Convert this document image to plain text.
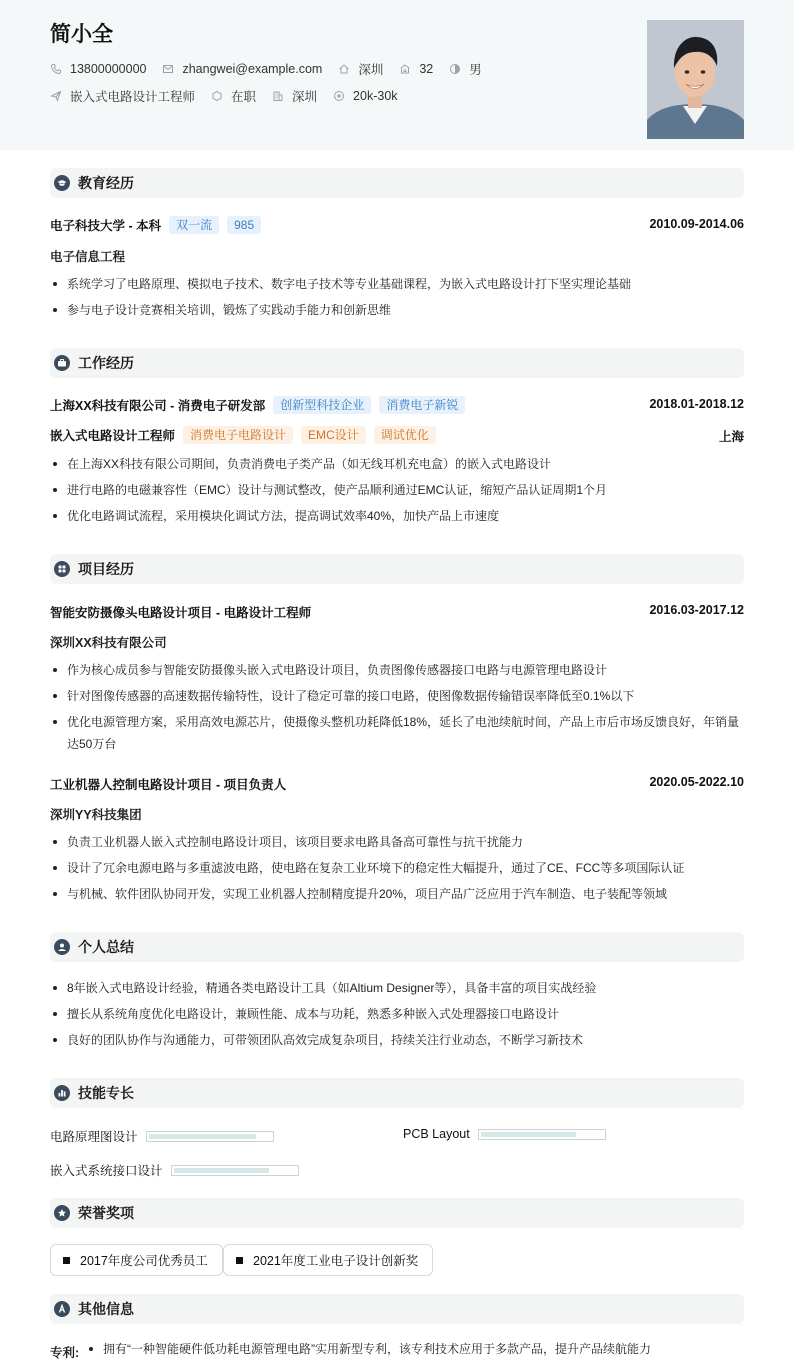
简小全
13800000000	zhangwei@example.com	深圳	32	男
嵌入式电路设计工程师	在职	深圳	20k-30k
教育经历
电子科技大学 - 本科	双一流	985	2010.09-2014.06
电子信息工程
系统学习了电路原理、模拟电子技术、数字电子技术等专业基础课程，为嵌入式电路设计打下坚实理论基础
参与电子设计竞赛相关培训，锻炼了实践动手能力和创新思维
工作经历
上海XX科技有限公司 - 消费电子研发部	创新型科技企业	消费电子新锐	2018.01-2018.12
嵌入式电路设计工程师	消费电子电路设计	EMC设计	调试优化	上海
在上海XX科技有限公司期间，负责消费电子类产品（如无线耳机充电盒）的嵌入式电路设计
进行电路的电磁兼容性（EMC）设计与测试整改，使产品顺利通过EMC认证，缩短产品认证周期1个月
优化电路调试流程，采用模块化调试方法，提高调试效率40%，加快产品上市速度
项目经历
智能安防摄像头电路设计项目 - 电路设计工程师	2016.03-2017.12
深圳XX科技有限公司
作为核心成员参与智能安防摄像头嵌入式电路设计项目，负责图像传感器接口电路与电源管理电路设计
针对图像传感器的高速数据传输特性，设计了稳定可靠的接口电路，使图像数据传输错误率降低至0.1%以下
优化电源管理方案，采用高效电源芯片，使摄像头整机功耗降低18%，延长了电池续航时间，产品上市后市场反馈良好，年销量达50万台
工业机器人控制电路设计项目 - 项目负责人	2020.05-2022.10
深圳YY科技集团
负责工业机器人嵌入式控制电路设计项目，该项目要求电路具备高可靠性与抗干扰能力
设计了冗余电源电路与多重滤波电路，使电路在复杂工业环境下的稳定性大幅提升，通过了CE、FCC等多项国际认证
与机械、软件团队协同开发，实现工业机器人控制精度提升20%，项目产品广泛应用于汽车制造、电子装配等领域
个人总结
8年嵌入式电路设计经验，精通各类电路设计工具（如Altium Designer等），具备丰富的项目实战经验
擅长从系统角度优化电路设计，兼顾性能、成本与功耗，熟悉多种嵌入式处理器接口电路设计
良好的团队协作与沟通能力，可带领团队高效完成复杂项目，持续关注行业动态，不断学习新技术
技能专长
电路原理图设计	PCB Layout
嵌入式系统接口设计
荣誉奖项
2017年度公司优秀员工	2021年度工业电子设计创新奖
其他信息
专利:	拥有“一种智能硬件低功耗电源管理电路”实用新型专利，该专利技术应用于多款产品，提升产品续航能力
